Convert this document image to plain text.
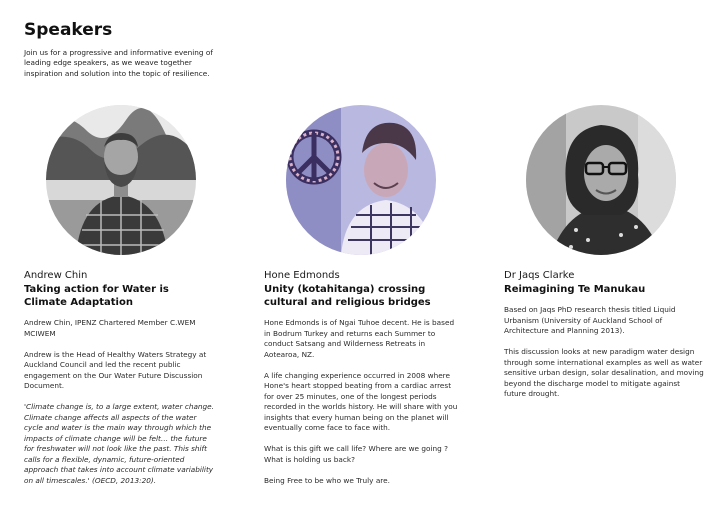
Speakers
Join us for a progressive and informative evening of leading edge speakers, as we weave together inspiration and solution into the topic of resilience.
Andrew Chin
Taking action for Water is Climate Adaptation

Andrew Chin, IPENZ Chartered Member C.WEM MCIWEM

Andrew is the Head of Healthy Waters Strategy at Auckland Council and led the recent public engagement on the Our Water Future Discussion Document.

'Climate change is, to a large extent, water change. Climate change affects all aspects of the water cycle and water is the main way through which the impacts of climate change will be felt… the future for freshwater will not look like the past. This shift calls for a flexible, dynamic, future-oriented approach that takes into account climate variability on all timescales.' (OECD, 2013:20).

Hone Edmonds
Unity (kotahitanga) crossing cultural and religious bridges

Hone Edmonds is of Ngai Tuhoe decent. He is based in Bodrum Turkey and returns each Summer to conduct Satsang and Wilderness Retreats in Aotearoa, NZ.

A life changing experience occurred in 2008 where Hone's heart stopped beating from a cardiac arrest for over 25 minutes, one of the longest periods recorded in the worlds history. He will share with you insights that every human being on the planet will eventually come face to face with.

What is this gift we call life? Where are we going ? What is holding us back?

Being Free to be who we Truly are.

Dr Jaqs Clarke
Reimagining Te Manukau

Based on Jaqs PhD research thesis titled Liquid Urbanism (University of Auckland School of Architecture and Planning 2013).

This discussion looks at new paradigm water design through some international examples as well as water sensitive urban design, solar desalination, and moving beyond the discharge model to mitigate against future drought.
